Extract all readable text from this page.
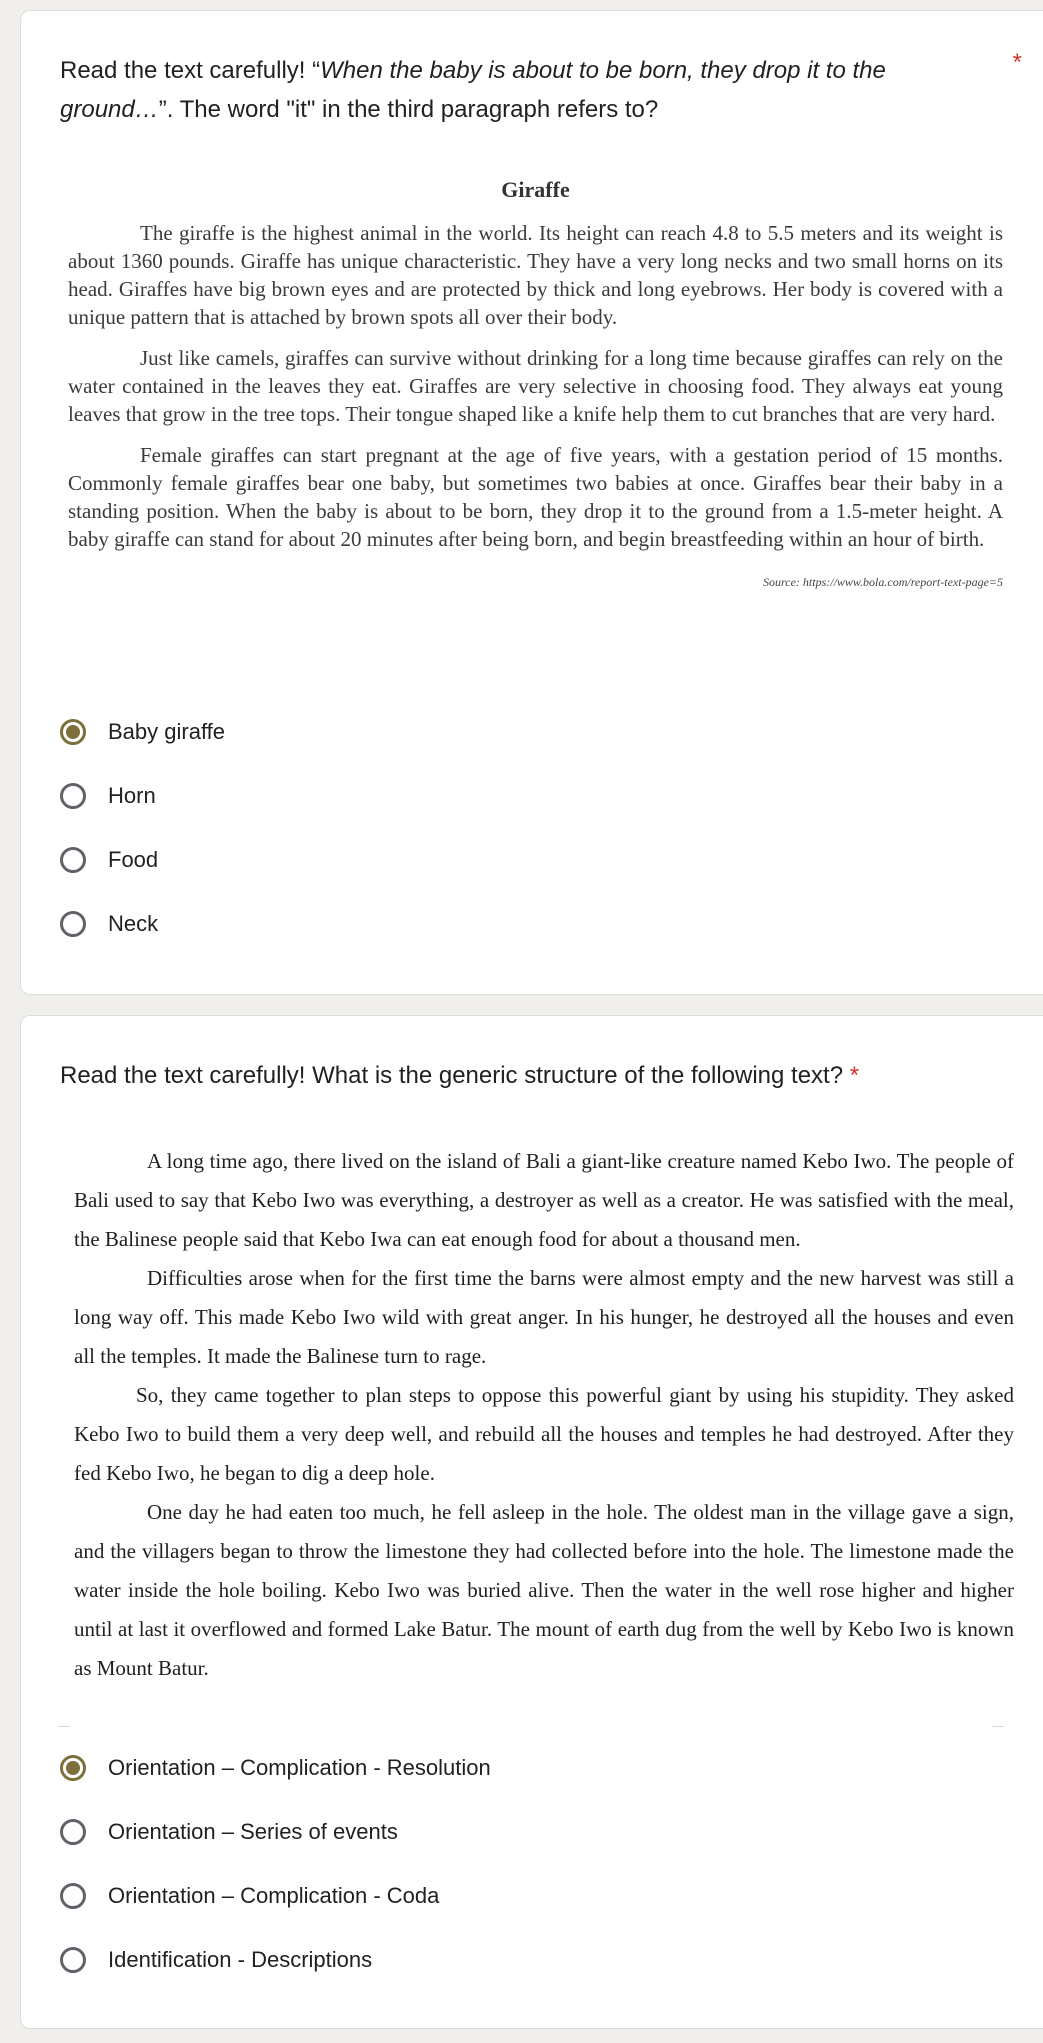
Read the text carefully! “When the baby is about to be born, they drop it to the ground…”. The word "it" in the third paragraph refers to?
*
Giraffe

The giraffe is the highest animal in the world. Its height can reach 4.8 to 5.5 meters and its weight is about 1360 pounds. Giraffe has unique characteristic. They have a very long necks and two small horns on its head. Giraffes have big brown eyes and are protected by thick and long eyebrows. Her body is covered with a unique pattern that is attached by brown spots all over their body.

Just like camels, giraffes can survive without drinking for a long time because giraffes can rely on the water contained in the leaves they eat. Giraffes are very selective in choosing food. They always eat young leaves that grow in the tree tops. Their tongue shaped like a knife help them to cut branches that are very hard.

Female giraffes can start pregnant at the age of five years, with a gestation period of 15 months. Commonly female giraffes bear one baby, but sometimes two babies at once. Giraffes bear their baby in a standing position. When the baby is about to be born, they drop it to the ground from a 1.5-meter height. A baby giraffe can stand for about 20 minutes after being born, and begin breastfeeding within an hour of birth.

Source: https://www.bola.com/report-text-page=5

Baby giraffe
Horn
Food
Neck
Read the text carefully! What is the generic structure of the following text? *

A long time ago, there lived on the island of Bali a giant-like creature named Kebo Iwo. The people of Bali used to say that Kebo Iwo was everything, a destroyer as well as a creator. He was satisfied with the meal, the Balinese people said that Kebo Iwa can eat enough food for about a thousand men.

Difficulties arose when for the first time the barns were almost empty and the new harvest was still a long way off. This made Kebo Iwo wild with great anger. In his hunger, he destroyed all the houses and even all the temples. It made the Balinese turn to rage.

So, they came together to plan steps to oppose this powerful giant by using his stupidity. They asked Kebo Iwo to build them a very deep well, and rebuild all the houses and temples he had destroyed. After they fed Kebo Iwo, he began to dig a deep hole.

One day he had eaten too much, he fell asleep in the hole. The oldest man in the village gave a sign, and the villagers began to throw the limestone they had collected before into the hole. The limestone made the water inside the hole boiling. Kebo Iwo was buried alive. Then the water in the well rose higher and higher until at last it overflowed and formed Lake Batur. The mount of earth dug from the well by Kebo Iwo is known as Mount Batur.

Orientation – Complication - Resolution
Orientation – Series of events
Orientation – Complication - Coda
Identification - Descriptions
